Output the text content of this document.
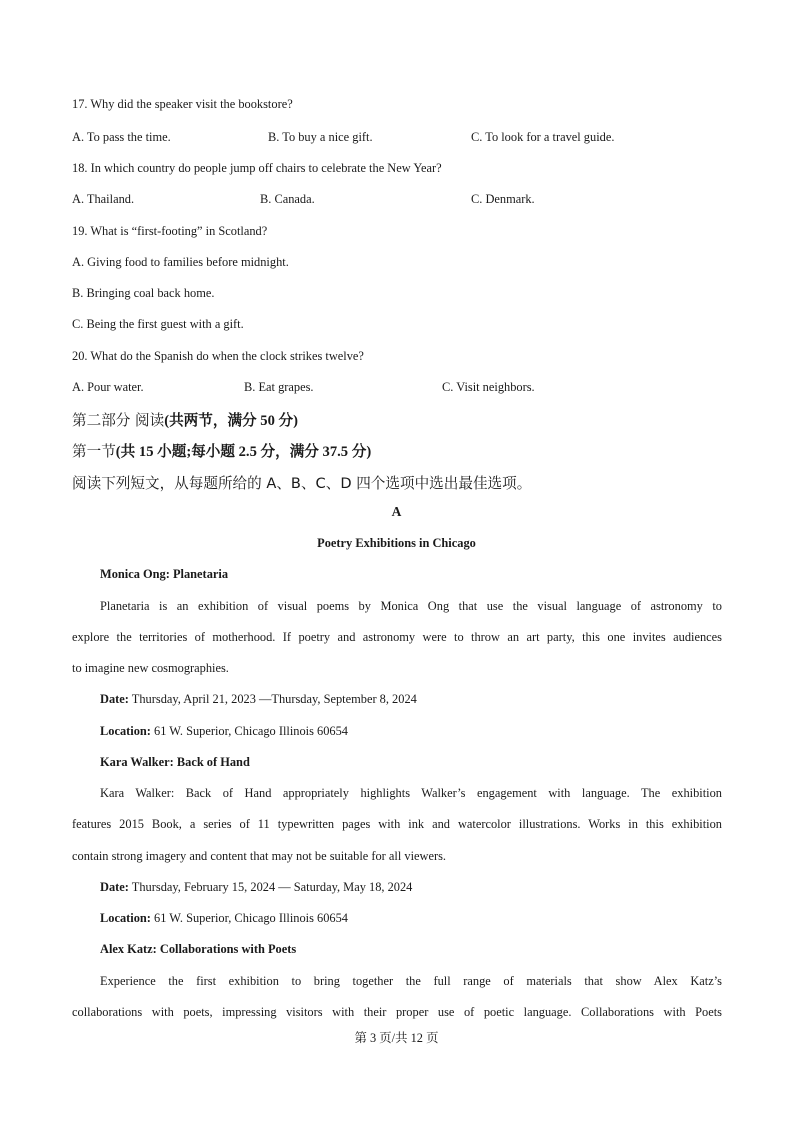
17. Why did the speaker visit the bookstore?
A. To pass the time.	B. To buy a nice gift.	C. To look for a travel guide.
18. In which country do people jump off chairs to celebrate the New Year?
A. Thailand.	B. Canada.	C. Denmark.
19. What is “first-footing” in Scotland?
A. Giving food to families before midnight.
B. Bringing coal back home.
C. Being the first guest with a gift.
20. What do the Spanish do when the clock strikes twelve?
A. Pour water.	B. Eat grapes.	C. Visit neighbors.
第二部分 阅读(共两节，满分 50 分)
第一节(共 15 小题;每小题 2.5 分，满分 37.5 分)
阅读下列短文，从每题所给的 A、B、C、D 四个选项中选出最佳选项。
A
Poetry Exhibitions in Chicago
Monica Ong: Planetaria
Planetaria is an exhibition of visual poems by Monica Ong that use the visual language of astronomy to
explore the territories of motherhood. If poetry and astronomy were to throw an art party, this one invites audiences
to imagine new cosmographies.
Date: Thursday, April 21, 2023 —Thursday, September 8, 2024
Location: 61 W. Superior, Chicago Illinois 60654
Kara Walker: Back of Hand
Kara Walker: Back of Hand appropriately highlights Walker’s engagement with language. The exhibition
features 2015 Book, a series of 11 typewritten pages with ink and watercolor illustrations. Works in this exhibition
contain strong imagery and content that may not be suitable for all viewers.
Date: Thursday, February 15, 2024 — Saturday, May 18, 2024
Location: 61 W. Superior, Chicago Illinois 60654
Alex Katz: Collaborations with Poets
Experience the first exhibition to bring together the full range of materials that show Alex Katz’s
collaborations with poets, impressing visitors with their proper use of poetic language. Collaborations with Poets
第 3 页/共 12 页
